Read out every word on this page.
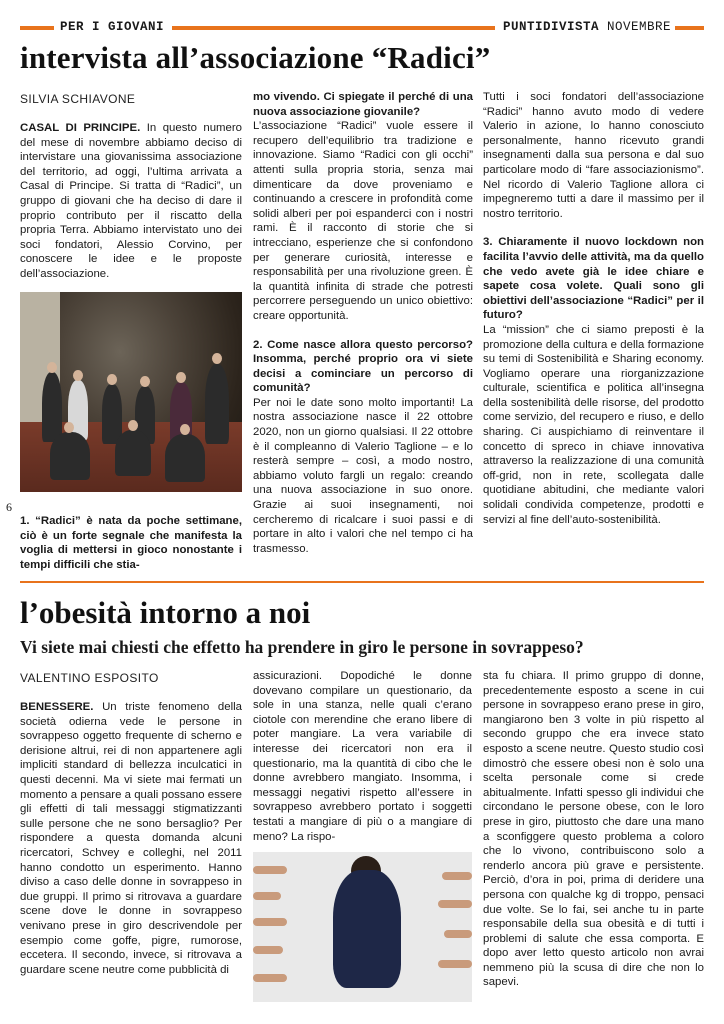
PER I GIOVANI	PUNTIDIVISTA NOVEMBRE
intervista all’associazione “Radici”
SILVIA SCHIAVONE

CASAL DI PRINCIPE. In questo numero del mese di novembre abbiamo deciso di intervistare una giovanissima associazione del territorio, ad oggi, l’ultima arrivata a Casal di Principe. Si tratta di “Radici”, un gruppo di giovani che ha deciso di dare il proprio contributo per il riscatto della propria Terra. Abbiamo intervistato uno dei soci fondatori, Alessio Corvino, per conoscere le idee e le proposte dell’associazione.

1. “Radici” è nata da poche settimane, ciò è un forte segnale che manifesta la voglia di mettersi in gioco nonostante i tempi difficili che stia-

6

mo vivendo. Ci spiegate il perché di una nuova associazione giovanile?

L’associazione “Radici” vuole essere il recupero dell’equilibrio tra tradizione e innovazione. Siamo “Radici con gli occhi” attenti sulla propria storia, senza mai dimenticare da dove proveniamo e continuando a crescere in profondità come solidi alberi per poi espanderci con i nostri rami. È il racconto di storie che si intrecciano, esperienze che si confondono per generare curiosità, interesse e responsabilità per una rivoluzione green. È la quantità infinita di strade che potresti percorrere perseguendo un unico obiettivo: creare opportunità.

2. Come nasce allora questo percorso? Insomma, perché proprio ora vi siete decisi a cominciare un percorso di comunità?

Per noi le date sono molto importanti! La nostra associazione nasce il 22 ottobre 2020, non un giorno qualsiasi. Il 22 ottobre è il compleanno di Valerio Taglione – e lo resterà sempre – così, a modo nostro, abbiamo voluto fargli un regalo: creando una nuova associazione in suo onore. Grazie ai suoi insegnamenti, noi cercheremo di ricalcare i suoi passi e di portare in alto i valori che nel tempo ci ha trasmesso.

Tutti i soci fondatori dell’associazione “Radici” hanno avuto modo di vedere Valerio in azione, lo hanno conosciuto personalmente, hanno ricevuto grandi insegnamenti dalla sua persona e dal suo particolare modo di “fare associazionismo”. Nel ricordo di Valerio Taglione allora ci impegneremo tutti a dare il massimo per il nostro territorio.

3. Chiaramente il nuovo lockdown non facilita l’avvio delle attività, ma da quello che vedo avete già le idee chiare e sapete cosa volete. Quali sono gli obiettivi dell’associazione “Radici” per il futuro?

La “mission” che ci siamo preposti è la promozione della cultura e della formazione su temi di Sostenibilità e Sharing economy. Vogliamo operare una riorganizzazione culturale, scientifica e politica all’insegna della sostenibilità delle risorse, del prodotto come servizio, del recupero e riuso, e dello sharing. Ci auspichiamo di reinventare il concetto di spreco in chiave innovativa attraverso la realizzazione di una comunità off-grid, non in rete, scollegata dalle quotidiane abitudini, che mediante valori solidali condivida competenze, prodotti e servizi al fine dell’auto-sostenibilità.

l’obesità intorno a noi
Vi siete mai chiesti che effetto ha prendere in giro le persone in sovrappeso?
VALENTINO ESPOSITO

BENESSERE. Un triste fenomeno della società odierna vede le persone in sovrappeso oggetto frequente di scherno e derisione altrui, rei di non appartenere agli impliciti standard di bellezza inculcatici in questi decenni. Ma vi siete mai fermati un momento a pensare a quali possano essere gli effetti di tali messaggi stigmatizzanti sulle persone che ne sono bersaglio? Per rispondere a questa domanda alcuni ricercatori, Schvey e colleghi, nel 2011 hanno condotto un esperimento. Hanno diviso a caso delle donne in sovrappeso in due gruppi. Il primo si ritrovava a guardare scene dove le donne in sovrappeso venivano prese in giro descrivendole per esempio come goffe, pigre, rumorose, eccetera. Il secondo, invece, si ritrovava a guardare scene neutre come pubblicità di

assicurazioni. Dopodiché le donne dovevano compilare un questionario, da sole in una stanza, nelle quali c’erano ciotole con merendine che erano libere di poter mangiare. La vera variabile di interesse dei ricercatori non era il questionario, ma la quantità di cibo che le donne avrebbero mangiato. Insomma, i messaggi negativi rispetto all’essere in sovrappeso avrebbero portato i soggetti testati a mangiare di più o a mangiare di meno? La rispo-

sta fu chiara. Il primo gruppo di donne, precedentemente esposto a scene in cui persone in sovrappeso erano prese in giro, mangiarono ben 3 volte in più rispetto al secondo gruppo che era invece stato esposto a scene neutre. Questo studio così dimostrò che essere obesi non è solo una scelta personale come si crede abitualmente. Infatti spesso gli individui che circondano le persone obese, con le loro prese in giro, piuttosto che dare una mano a sconfiggere questo problema a coloro che lo vivono, contribuiscono solo a renderlo ancora più grave e persistente. Perciò, d’ora in poi, prima di deridere una persona con qualche kg di troppo, pensaci due volte. Se lo fai, sei anche tu in parte responsabile della sua obesità e di tutti i problemi di salute che essa comporta. E dopo aver letto questo articolo non avrai nemmeno più la scusa di dire che non lo sapevi.
